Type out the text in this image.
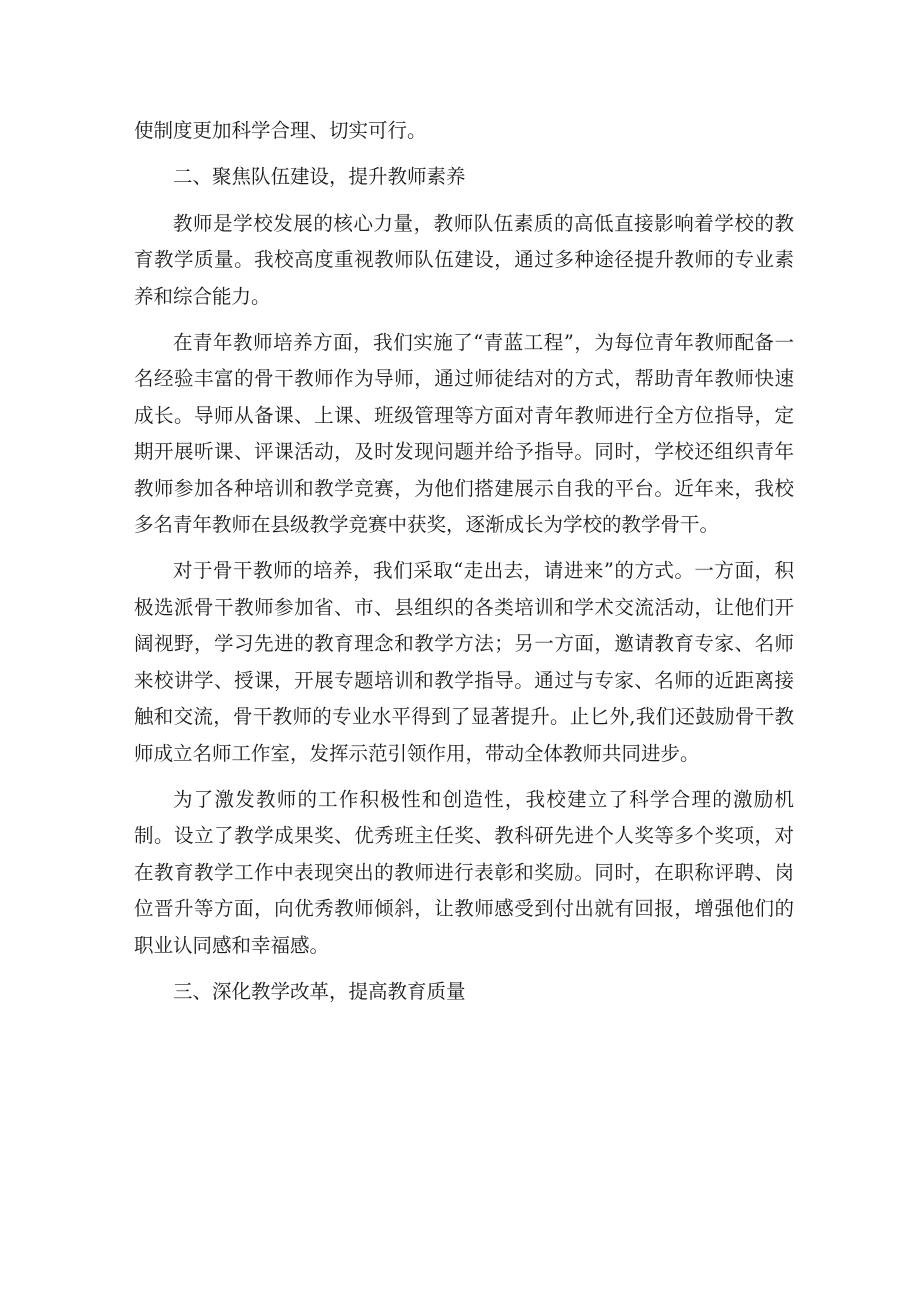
使制度更加科学合理、切实可行。

二、聚焦队伍建设，提升教师素养

教师是学校发展的核心力量，教师队伍素质的高低直接影响着学校的教育教学质量。我校高度重视教师队伍建设，通过多种途径提升教师的专业素养和综合能力。

在青年教师培养方面，我们实施了“青蓝工程”，为每位青年教师配备一名经验丰富的骨干教师作为导师，通过师徒结对的方式，帮助青年教师快速成长。导师从备课、上课、班级管理等方面对青年教师进行全方位指导，定期开展听课、评课活动，及时发现问题并给予指导。同时，学校还组织青年教师参加各种培训和教学竞赛，为他们搭建展示自我的平台。近年来，我校多名青年教师在县级教学竞赛中获奖，逐渐成长为学校的教学骨干。

对于骨干教师的培养，我们采取“走出去，请进来”的方式。一方面，积极选派骨干教师参加省、市、县组织的各类培训和学术交流活动，让他们开阔视野，学习先进的教育理念和教学方法；另一方面，邀请教育专家、名师来校讲学、授课，开展专题培训和教学指导。通过与专家、名师的近距离接触和交流，骨干教师的专业水平得到了显著提升。止匕外,我们还鼓励骨干教师成立名师工作室，发挥示范引领作用，带动全体教师共同进步。

为了激发教师的工作积极性和创造性，我校建立了科学合理的激励机制。设立了教学成果奖、优秀班主任奖、教科研先进个人奖等多个奖项，对在教育教学工作中表现突出的教师进行表彰和奖励。同时，在职称评聘、岗位晋升等方面，向优秀教师倾斜，让教师感受到付出就有回报，增强他们的职业认同感和幸福感。

三、深化教学改革，提高教育质量
